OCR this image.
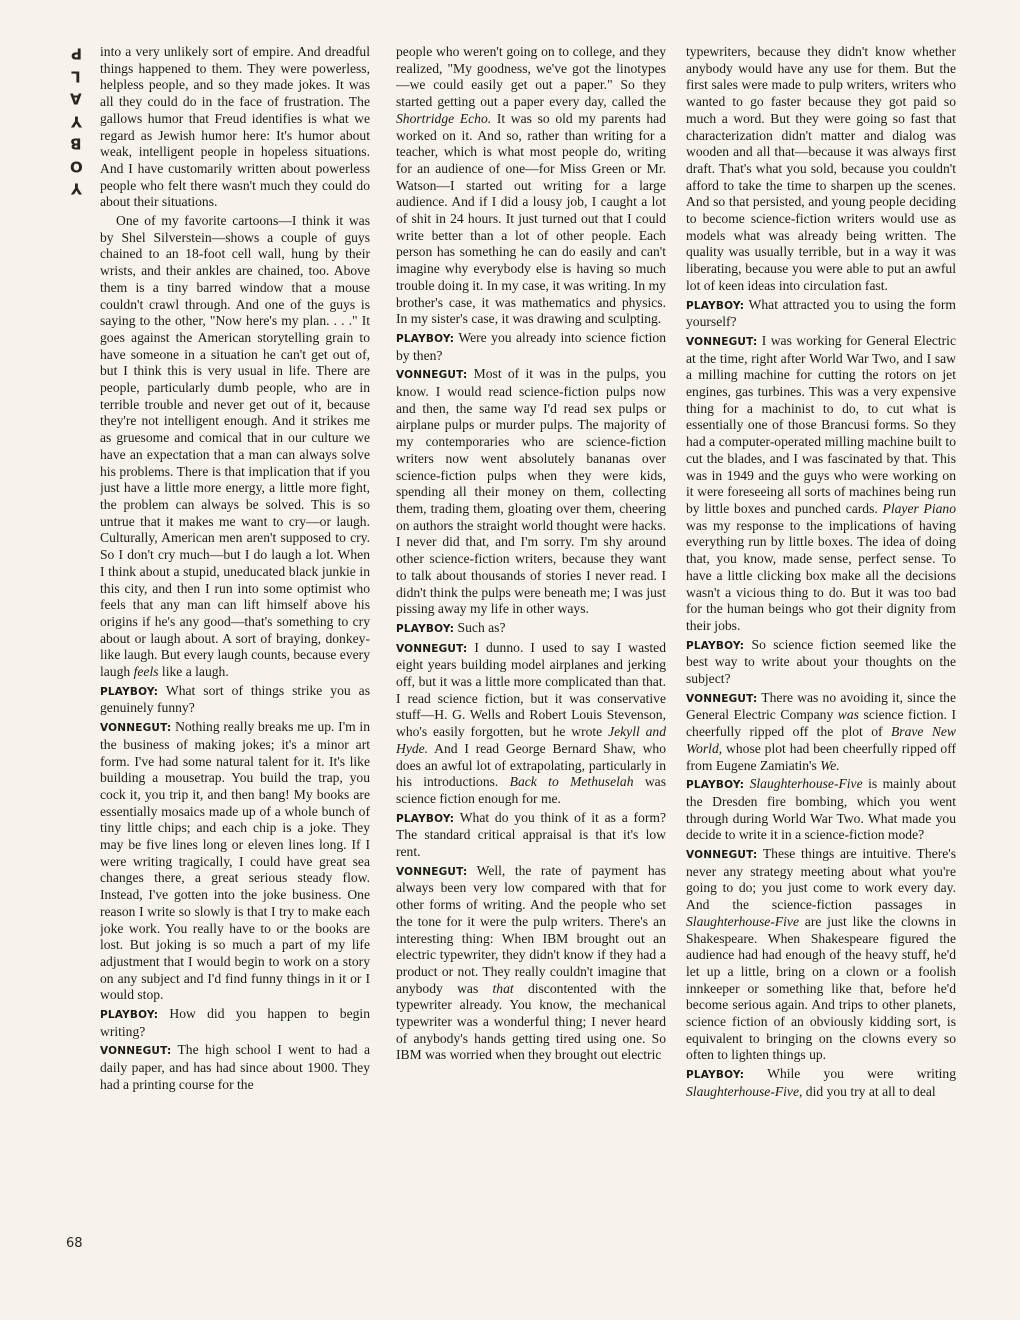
P
L
A
Y
B
O
Y
68

into a very unlikely sort of empire. And dreadful things happened to them. They were powerless, helpless people, and so they made jokes. It was all they could do in the face of frustration. The gallows humor that Freud identifies is what we regard as Jewish humor here: It's humor about weak, intelligent people in hopeless situations. And I have customarily written about powerless people who felt there wasn't much they could do about their situations.

One of my favorite cartoons—I think it was by Shel Silverstein—shows a couple of guys chained to an 18-foot cell wall, hung by their wrists, and their ankles are chained, too. Above them is a tiny barred window that a mouse couldn't crawl through. And one of the guys is saying to the other, "Now here's my plan. . . ." It goes against the American storytelling grain to have someone in a situation he can't get out of, but I think this is very usual in life. There are people, particularly dumb people, who are in terrible trouble and never get out of it, because they're not intelligent enough. And it strikes me as gruesome and comical that in our culture we have an expectation that a man can always solve his problems. There is that implication that if you just have a little more energy, a little more fight, the problem can always be solved. This is so untrue that it makes me want to cry—or laugh. Culturally, American men aren't supposed to cry. So I don't cry much—but I do laugh a lot. When I think about a stupid, uneducated black junkie in this city, and then I run into some optimist who feels that any man can lift himself above his origins if he's any good—that's something to cry about or laugh about. A sort of braying, donkey-like laugh. But every laugh counts, because every laugh feels like a laugh.

PLAYBOY: What sort of things strike you as genuinely funny?

VONNEGUT: Nothing really breaks me up. I'm in the business of making jokes; it's a minor art form. I've had some natural talent for it. It's like building a mousetrap. You build the trap, you cock it, you trip it, and then bang! My books are essentially mosaics made up of a whole bunch of tiny little chips; and each chip is a joke. They may be five lines long or eleven lines long. If I were writing tragically, I could have great sea changes there, a great serious steady flow. Instead, I've gotten into the joke business. One reason I write so slowly is that I try to make each joke work. You really have to or the books are lost. But joking is so much a part of my life adjustment that I would begin to work on a story on any subject and I'd find funny things in it or I would stop.

PLAYBOY: How did you happen to begin writing?

VONNEGUT: The high school I went to had a daily paper, and has had since about 1900. They had a printing course for the

people who weren't going on to college, and they realized, "My goodness, we've got the linotypes—we could easily get out a paper." So they started getting out a paper every day, called the Shortridge Echo. It was so old my parents had worked on it. And so, rather than writing for a teacher, which is what most people do, writing for an audience of one—for Miss Green or Mr. Watson—I started out writing for a large audience. And if I did a lousy job, I caught a lot of shit in 24 hours. It just turned out that I could write better than a lot of other people. Each person has something he can do easily and can't imagine why everybody else is having so much trouble doing it. In my case, it was writing. In my brother's case, it was mathematics and physics. In my sister's case, it was drawing and sculpting.

PLAYBOY: Were you already into science fiction by then?

VONNEGUT: Most of it was in the pulps, you know. I would read science-fiction pulps now and then, the same way I'd read sex pulps or airplane pulps or murder pulps. The majority of my contemporaries who are science-fiction writers now went absolutely bananas over science-fiction pulps when they were kids, spending all their money on them, collecting them, trading them, gloating over them, cheering on authors the straight world thought were hacks. I never did that, and I'm sorry. I'm shy around other science-fiction writers, because they want to talk about thousands of stories I never read. I didn't think the pulps were beneath me; I was just pissing away my life in other ways.

PLAYBOY: Such as?

VONNEGUT: I dunno. I used to say I wasted eight years building model airplanes and jerking off, but it was a little more complicated than that. I read science fiction, but it was conservative stuff—H. G. Wells and Robert Louis Stevenson, who's easily forgotten, but he wrote Jekyll and Hyde. And I read George Bernard Shaw, who does an awful lot of extrapolating, particularly in his introductions. Back to Methuselah was science fiction enough for me.

PLAYBOY: What do you think of it as a form? The standard critical appraisal is that it's low rent.

VONNEGUT: Well, the rate of payment has always been very low compared with that for other forms of writing. And the people who set the tone for it were the pulp writers. There's an interesting thing: When IBM brought out an electric typewriter, they didn't know if they had a product or not. They really couldn't imagine that anybody was that discontented with the typewriter already. You know, the mechanical typewriter was a wonderful thing; I never heard of anybody's hands getting tired using one. So IBM was worried when they brought out electric

typewriters, because they didn't know whether anybody would have any use for them. But the first sales were made to pulp writers, writers who wanted to go faster because they got paid so much a word. But they were going so fast that characterization didn't matter and dialog was wooden and all that—because it was always first draft. That's what you sold, because you couldn't afford to take the time to sharpen up the scenes. And so that persisted, and young people deciding to become science-fiction writers would use as models what was already being written. The quality was usually terrible, but in a way it was liberating, because you were able to put an awful lot of keen ideas into circulation fast.

PLAYBOY: What attracted you to using the form yourself?

VONNEGUT: I was working for General Electric at the time, right after World War Two, and I saw a milling machine for cutting the rotors on jet engines, gas turbines. This was a very expensive thing for a machinist to do, to cut what is essentially one of those Brancusi forms. So they had a computer-operated milling machine built to cut the blades, and I was fascinated by that. This was in 1949 and the guys who were working on it were foreseeing all sorts of machines being run by little boxes and punched cards. Player Piano was my response to the implications of having everything run by little boxes. The idea of doing that, you know, made sense, perfect sense. To have a little clicking box make all the decisions wasn't a vicious thing to do. But it was too bad for the human beings who got their dignity from their jobs.

PLAYBOY: So science fiction seemed like the best way to write about your thoughts on the subject?

VONNEGUT: There was no avoiding it, since the General Electric Company was science fiction. I cheerfully ripped off the plot of Brave New World, whose plot had been cheerfully ripped off from Eugene Zamiatin's We.

PLAYBOY: Slaughterhouse-Five is mainly about the Dresden fire bombing, which you went through during World War Two. What made you decide to write it in a science-fiction mode?

VONNEGUT: These things are intuitive. There's never any strategy meeting about what you're going to do; you just come to work every day. And the science-fiction passages in Slaughterhouse-Five are just like the clowns in Shakespeare. When Shakespeare figured the audience had had enough of the heavy stuff, he'd let up a little, bring on a clown or a foolish innkeeper or something like that, before he'd become serious again. And trips to other planets, science fiction of an obviously kidding sort, is equivalent to bringing on the clowns every so often to lighten things up.

PLAYBOY: While you were writing Slaughterhouse-Five, did you try at all to deal
